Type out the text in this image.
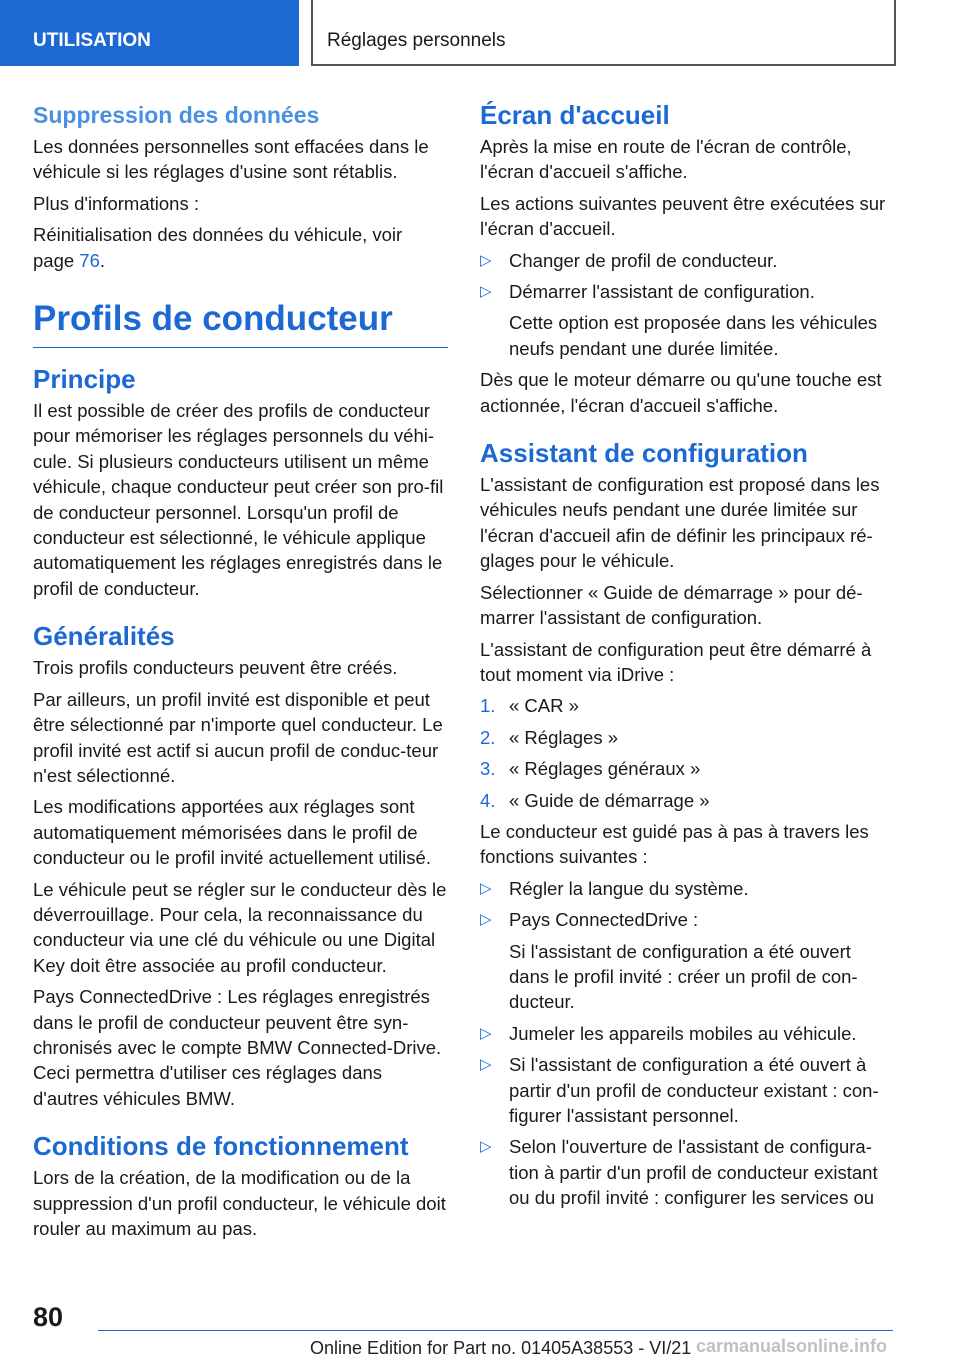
UTILISATION	Réglages personnels
Suppression des données

Les données personnelles sont effacées dans le véhicule si les réglages d'usine sont rétablis.

Plus d'informations :

Réinitialisation des données du véhicule, voir page 76.

Profils de conducteur
Principe

Il est possible de créer des profils de conducteur pour mémoriser les réglages personnels du véhi-cule. Si plusieurs conducteurs utilisent un même véhicule, chaque conducteur peut créer son pro-fil de conducteur personnel. Lorsqu'un profil de conducteur est sélectionné, le véhicule applique automatiquement les réglages enregistrés dans le profil de conducteur.

Généralités

Trois profils conducteurs peuvent être créés.

Par ailleurs, un profil invité est disponible et peut être sélectionné par n'importe quel conducteur. Le profil invité est actif si aucun profil de conduc-teur n'est sélectionné.

Les modifications apportées aux réglages sont automatiquement mémorisées dans le profil de conducteur ou le profil invité actuellement utilisé.

Le véhicule peut se régler sur le conducteur dès le déverrouillage. Pour cela, la reconnaissance du conducteur via une clé du véhicule ou une Digital Key doit être associée au profil conducteur.

Pays ConnectedDrive : Les réglages enregistrés dans le profil de conducteur peuvent être syn-chronisés avec le compte BMW Connected-Drive. Ceci permettra d'utiliser ces réglages dans d'autres véhicules BMW.

Conditions de fonctionnement

Lors de la création, de la modification ou de la suppression d'un profil conducteur, le véhicule doit rouler au maximum au pas.

Écran d'accueil

Après la mise en route de l'écran de contrôle, l'écran d'accueil s'affiche.

Les actions suivantes peuvent être exécutées sur l'écran d'accueil.

▷ Changer de profil de conducteur.
▷ Démarrer l'assistant de configuration.

Cette option est proposée dans les véhicules neufs pendant une durée limitée.

Dès que le moteur démarre ou qu'une touche est actionnée, l'écran d'accueil s'affiche.

Assistant de configuration

L'assistant de configuration est proposé dans les véhicules neufs pendant une durée limitée sur l'écran d'accueil afin de définir les principaux ré-glages pour le véhicule.

Sélectionner « Guide de démarrage » pour dé-marrer l'assistant de configuration.

L'assistant de configuration peut être démarré à tout moment via iDrive :

1. « CAR »
2. « Réglages »
3. « Réglages généraux »
4. « Guide de démarrage »

Le conducteur est guidé pas à pas à travers les fonctions suivantes :

▷ Régler la langue du système.
▷ Pays ConnectedDrive :

Si l'assistant de configuration a été ouvert dans le profil invité : créer un profil de con-ducteur.

▷ Jumeler les appareils mobiles au véhicule.
▷ Si l'assistant de configuration a été ouvert à partir d'un profil de conducteur existant : con-figurer l'assistant personnel.
▷ Selon l'ouverture de l'assistant de configura-tion à partir d'un profil de conducteur existant ou du profil invité : configurer les services ou
80
Online Edition for Part no. 01405A38553 - VI/21 carmanualsonline.info
